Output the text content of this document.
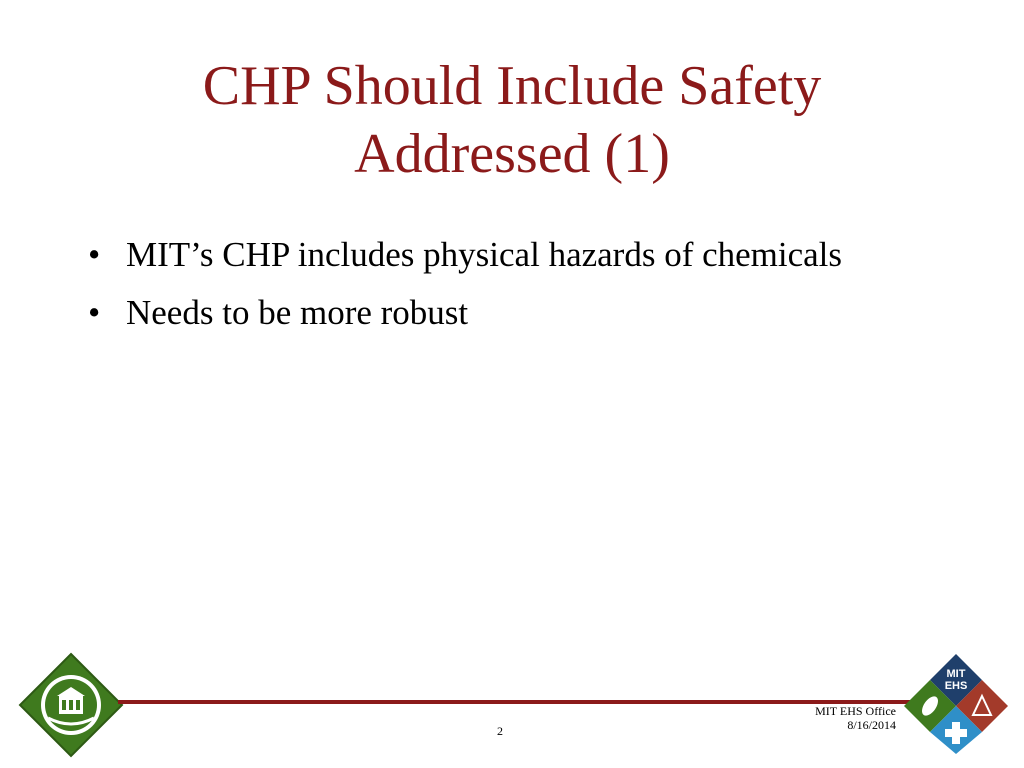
CHP Should Include Safety
Addressed (1)
• MIT’s CHP includes physical hazards of chemicals
• Needs to be more robust
2
MIT EHS Office
8/16/2014
MIT
EHS
